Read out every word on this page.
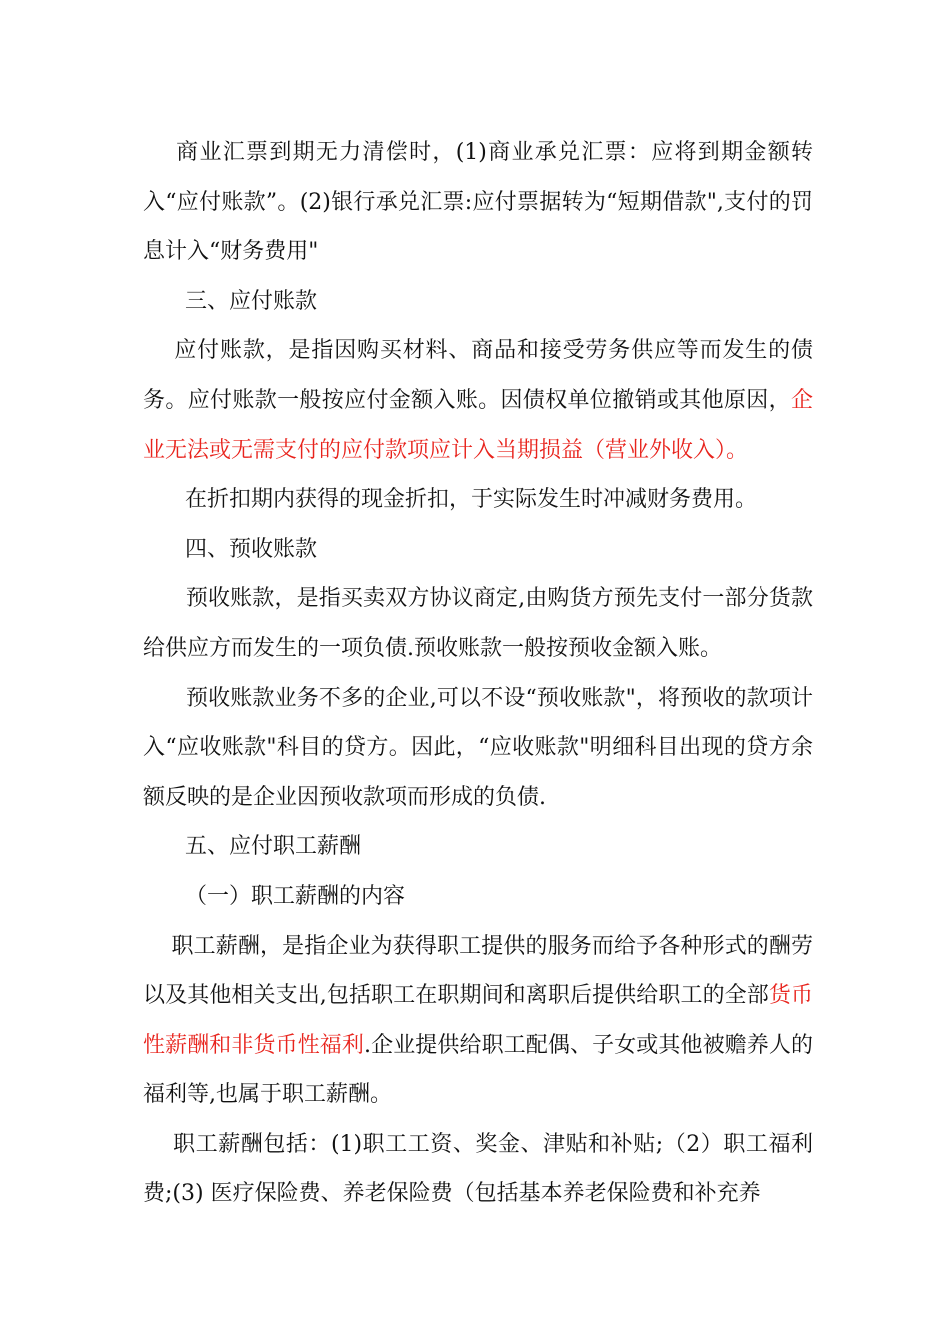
商业汇票到期无力清偿时，(1)商业承兑汇票：应将到期金额转入“应付账款”。(2)银行承兑汇票:应付票据转为“短期借款",支付的罚息计入“财务费用"

三、应付账款

应付账款，是指因购买材料、商品和接受劳务供应等而发生的债务。应付账款一般按应付金额入账。因债权单位撤销或其他原因，企业无法或无需支付的应付款项应计入当期损益（营业外收入）。

在折扣期内获得的现金折扣，于实际发生时冲减财务费用。

四、预收账款

预收账款，是指买卖双方协议商定,由购货方预先支付一部分货款给供应方而发生的一项负债.预收账款一般按预收金额入账。

预收账款业务不多的企业,可以不设“预收账款"，将预收的款项计入“应收账款"科目的贷方。因此，“应收账款"明细科目出现的贷方余额反映的是企业因预收款项而形成的负债.

五、应付职工薪酬

（一）职工薪酬的内容

职工薪酬，是指企业为获得职工提供的服务而给予各种形式的酬劳以及其他相关支出,包括职工在职期间和离职后提供给职工的全部货币性薪酬和非货币性福利.企业提供给职工配偶、子女或其他被赡养人的福利等,也属于职工薪酬。

职工薪酬包括：(1)职工工资、奖金、津贴和补贴;（2）职工福利费;(3) 医疗保险费、养老保险费（包括基本养老保险费和补充养
